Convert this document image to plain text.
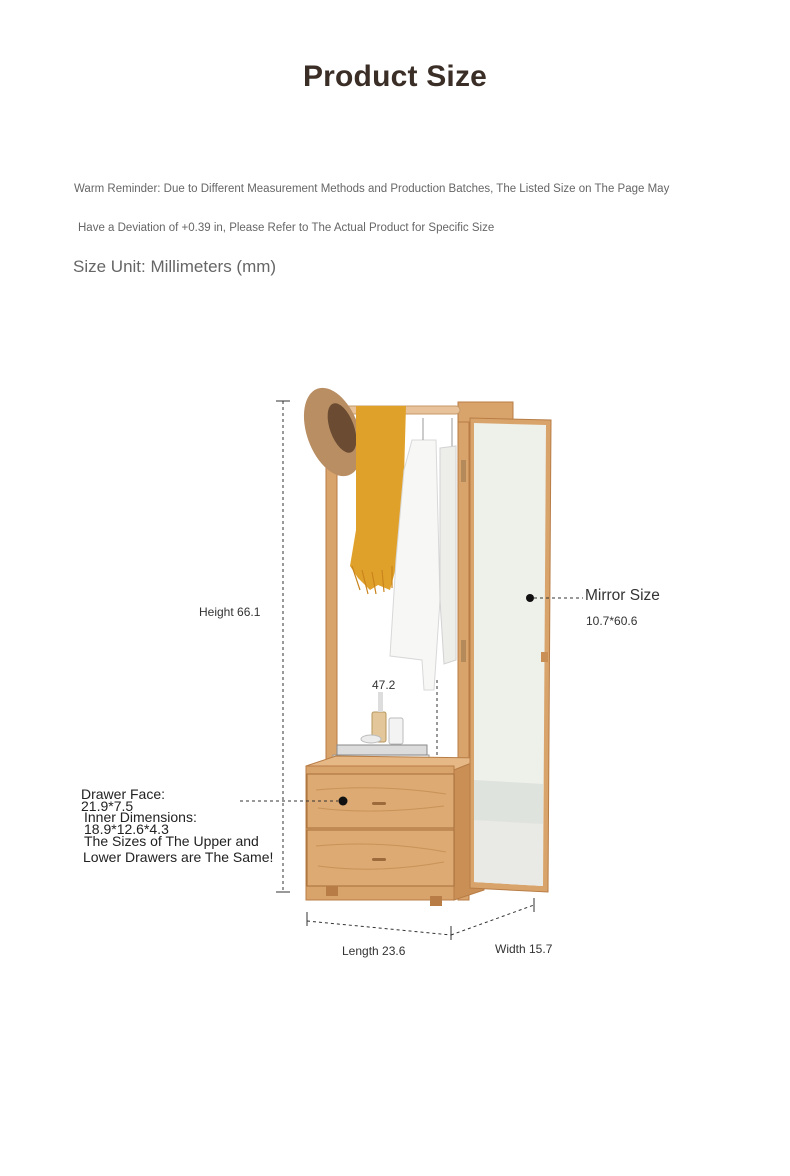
Product Size
Warm Reminder: Due to Different Measurement Methods and Production Batches, The Listed Size on The Page May
Have a Deviation of +0.39 in, Please Refer to The Actual Product for Specific Size
Size Unit: Millimeters (mm)
Height 66.1
Mirror Size
10.7*60.6
47.2
Length 23.6	Width 15.7
Drawer Face:
21.9*7.5
Inner Dimensions:
18.9*12.6*4.3
The Sizes of The Upper and
Lower Drawers are The Same!
